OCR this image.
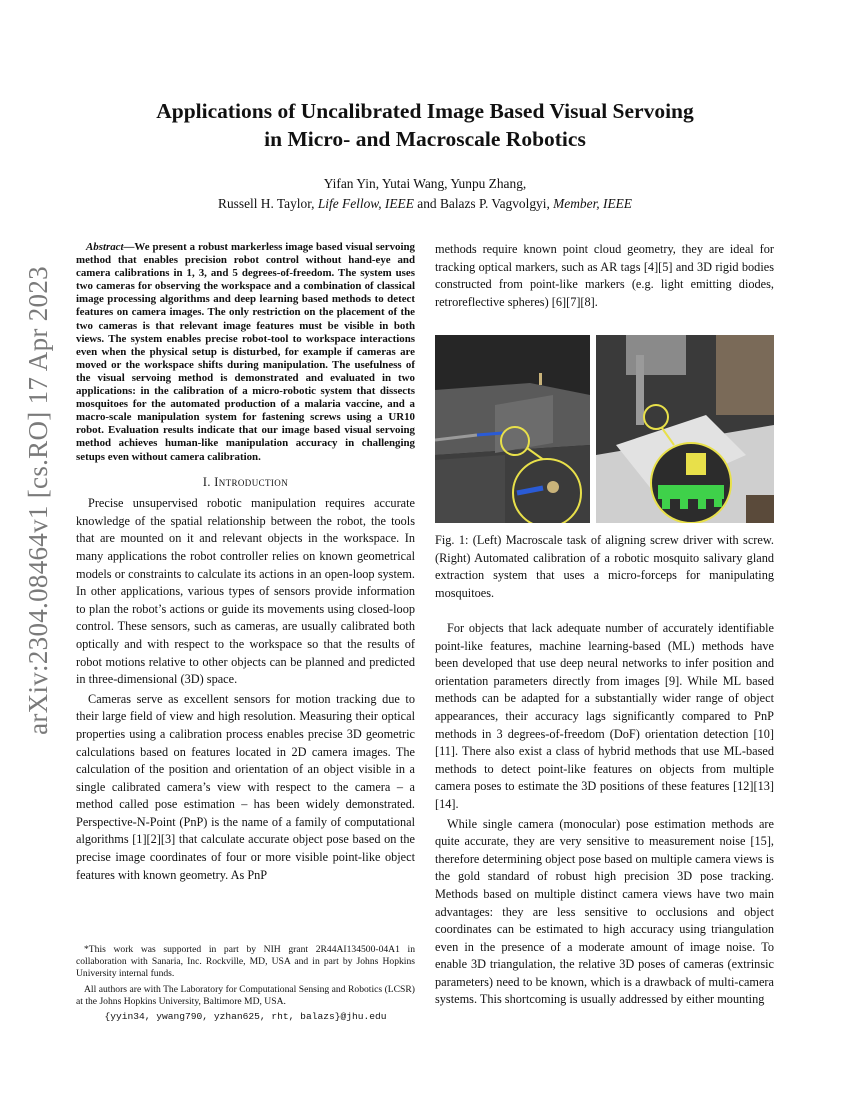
arXiv:2304.08464v1 [cs.RO] 17 Apr 2023
Applications of Uncalibrated Image Based Visual Servoing
in Micro- and Macroscale Robotics
Yifan Yin, Yutai Wang, Yunpu Zhang,
Russell H. Taylor, Life Fellow, IEEE and Balazs P. Vagvolgyi, Member, IEEE

Abstract—We present a robust markerless image based visual servoing method that enables precision robot control without hand-eye and camera calibrations in 1, 3, and 5 degrees-of-freedom. The system uses two cameras for observing the workspace and a combination of classical image processing algorithms and deep learning based methods to detect features on camera images. The only restriction on the placement of the two cameras is that relevant image features must be visible in both views. The system enables precise robot-tool to workspace interactions even when the physical setup is disturbed, for example if cameras are moved or the workspace shifts during manipulation. The usefulness of the visual servoing method is demonstrated and evaluated in two applications: in the calibration of a micro-robotic system that dissects mosquitoes for the automated production of a malaria vaccine, and a macro-scale manipulation system for fastening screws using a UR10 robot. Evaluation results indicate that our image based visual servoing method achieves human-like manipulation accuracy in challenging setups even without camera calibration.

I. Introduction

Precise unsupervised robotic manipulation requires accurate knowledge of the spatial relationship between the robot, the tools that are mounted on it and relevant objects in the workspace. In many applications the robot controller relies on known geometrical models or constraints to calculate its actions in an open-loop system. In other applications, various types of sensors provide information to plan the robot’s actions or guide its movements using closed-loop control. These sensors, such as cameras, are usually calibrated both optically and with respect to the workspace so that the results of robot motions relative to other objects can be planned and predicted in three-dimensional (3D) space.

Cameras serve as excellent sensors for motion tracking due to their large field of view and high resolution. Measuring their optical properties using a calibration process enables precise 3D geometric calculations based on features located in 2D camera images. The calculation of the position and orientation of an object visible in a single calibrated camera’s view with respect to the camera – a method called pose estimation – has been widely demonstrated. Perspective-N-Point (PnP) is the name of a family of computational algorithms [1][2][3] that calculate accurate object pose based on the precise image coordinates of four or more visible point-like object features with known geometry. As PnP

*This work was supported in part by NIH grant 2R44AI134500-04A1 in collaboration with Sanaria, Inc. Rockville, MD, USA and in part by Johns Hopkins University internal funds.

All authors are with The Laboratory for Computational Sensing and Robotics (LCSR) at the Johns Hopkins University, Baltimore MD, USA.

{yyin34, ywang790, yzhan625, rht, balazs}@jhu.edu

methods require known point cloud geometry, they are ideal for tracking optical markers, such as AR tags [4][5] and 3D rigid bodies constructed from point-like markers (e.g. light emitting diodes, retroreflective spheres) [6][7][8].

Fig. 1: (Left) Macroscale task of aligning screw driver with screw. (Right) Automated calibration of a robotic mosquito salivary gland extraction system that uses a micro-forceps for manipulating mosquitoes.

For objects that lack adequate number of accurately identifiable point-like features, machine learning-based (ML) methods have been developed that use deep neural networks to infer position and orientation parameters directly from images [9]. While ML based methods can be adapted for a substantially wider range of object appearances, their accuracy lags significantly compared to PnP methods in 3 degrees-of-freedom (DoF) orientation detection [10][11]. There also exist a class of hybrid methods that use ML-based methods to detect point-like features on objects from multiple camera poses to estimate the 3D positions of these features [12][13][14].

While single camera (monocular) pose estimation methods are quite accurate, they are very sensitive to measurement noise [15], therefore determining object pose based on multiple camera views is the gold standard of robust high precision 3D pose tracking. Methods based on multiple distinct camera views have two main advantages: they are less sensitive to occlusions and object coordinates can be estimated to high accuracy using triangulation even in the presence of a moderate amount of image noise. To enable 3D triangulation, the relative 3D poses of cameras (extrinsic parameters) need to be known, which is a drawback of multi-camera systems. This shortcoming is usually addressed by either mounting
